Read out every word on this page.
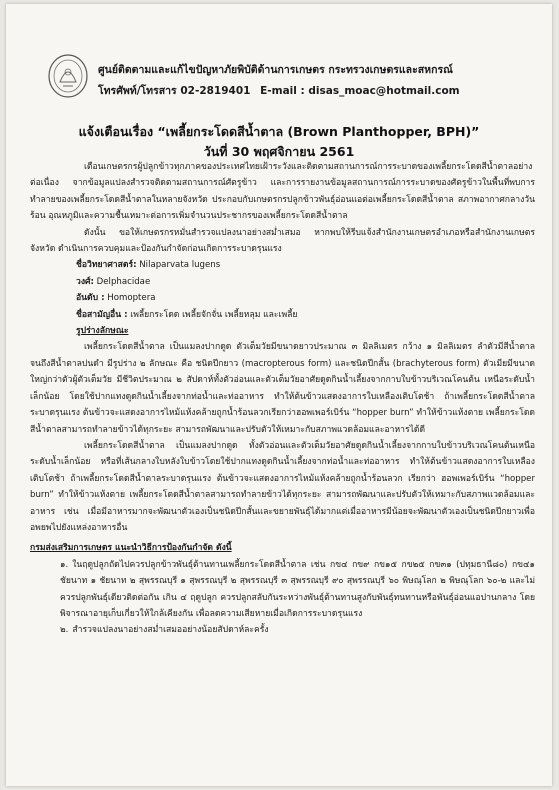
ศูนย์ติดตามและแก้ไขปัญหาภัยพิบัติด้านการเกษตร กระทรวงเกษตรและสหกรณ์
โทรศัพท์/โทรสาร 02-2819401 E-mail : disas_moac@hotmail.com
แจ้งเตือนเรื่อง “เพลี้ยกระโดดสีน้ำตาล (Brown Planthopper, BPH)”
วันที่ 30 พฤศจิกายน 2561

เตือนเกษตรกรผู้ปลูกข้าวทุกภาคของประเทศไทยเฝ้าระวังและติดตามสถานการณ์การระบาดของเพลี้ยกระโดดสีน้ำตาลอย่างต่อเนื่อง จากข้อมูลแปลงสำรวจติดตามสถานการณ์ศัตรูข้าว และการรายงานข้อมูลสถานการณ์การระบาดของศัตรูข้าวในพื้นที่พบการทำลายของเพลี้ยกระโดดสีน้ำตาลในหลายจังหวัด ประกอบกับเกษตรกรปลูกข้าวพันธุ์อ่อนแอต่อเพลี้ยกระโดดสีน้ำตาล สภาพอากาศกลางวันร้อน อุณหภูมิและความชื้นเหมาะต่อการเพิ่มจำนวนประชากรของเพลี้ยกระโดดสีน้ำตาล

ดังนั้น ขอให้เกษตรกรหมั่นสำรวจแปลงนาอย่างสม่ำเสมอ หากพบให้รีบแจ้งสำนักงานเกษตรอำเภอหรือสำนักงานเกษตรจังหวัด ดำเนินการควบคุมและป้องกันกำจัดก่อนเกิดการระบาดรุนแรง

ชื่อวิทยาศาสตร์: Nilaparvata lugens

วงศ์: Delphacidae

อันดับ : Homoptera

ชื่อสามัญอื่น : เพลี้ยกระโดด เพลี้ยจักจั่น เพลี้ยหลุม และเพลี้ย

รูปร่างลักษณะ

เพลี้ยกระโดดสีน้ำตาล เป็นแมลงปากดูด ตัวเต็มวัยมีขนาดยาวประมาณ ๓ มิลลิเมตร กว้าง ๑ มิลลิเมตร ลำตัวมีสีน้ำตาลจนถึงสีน้ำตาลปนดำ มีรูปร่าง ๒ ลักษณะ คือ ชนิดปีกยาว (macropterous form) และชนิดปีกสั้น (brachyterous form) ตัวเมียมีขนาดใหญ่กว่าตัวผู้ตัวเต็มวัย มีชีวิตประมาณ ๒ สัปดาห์ทั้งตัวอ่อนและตัวเต็มวัยอาศัยดูดกินน้ำเลี้ยงจากกาบใบข้าวบริเวณโคนต้น เหนือระดับน้ำเล็กน้อย โดยใช้ปากแทงดูดกินน้ำเลี้ยงจากท่อน้ำและท่ออาหาร ทำให้ต้นข้าวแสดงอาการใบเหลืองเติบโตช้า ถ้าเพลี้ยกระโดดสีน้ำตาลระบาดรุนแรง ต้นข้าวจะแสดงอาการไหม้แห้งคล้ายถูกน้ำร้อนลวกเรียกว่าฮอพเพอร์เบิร์น “hopper burn” ทำให้ข้าวแห้งตาย เพลี้ยกระโดดสีน้ำตาลสามารถทำลายข้าวได้ทุกระยะ สามารถพัฒนาและปรับตัวให้เหมาะกับสภาพแวดล้อมและอาหารได้ดี

เพลี้ยกระโดดสีน้ำตาล เป็นแมลงปากดูด ทั้งตัวอ่อนและตัวเต็มวัยอาศัยดูดกินน้ำเลี้ยงจากกาบใบข้าวบริเวณโคนต้นเหนือระดับน้ำเล็กน้อย หรือที่เส้นกลางใบหลังใบข้าวโดยใช้ปากแทงดูดกินน้ำเลี้ยงจากท่อน้ำและท่ออาหาร ทำให้ต้นข้าวแสดงอาการใบเหลืองเติบโตช้า ถ้าเพลี้ยกระโดดสีน้ำตาลระบาดรุนแรง ต้นข้าวจะแสดงอาการไหม้แห้งคล้ายถูกน้ำร้อนลวก เรียกว่า ฮอพเพอร์เบิร์น “hopper burn” ทำให้ข้าวแห้งตาย เพลี้ยกระโดดสีน้ำตาลสามารถทำลายข้าวได้ทุกระยะ สามารถพัฒนาและปรับตัวให้เหมาะกับสภาพแวดล้อมและอาหาร เช่น เมื่อมีอาหารมากจะพัฒนาตัวเองเป็นชนิดปีกสั้นและขยายพันธุ์ได้มากแต่เมื่ออาหารมีน้อยจะพัฒนาตัวเองเป็นชนิดปีกยาวเพื่ออพยพไปยังแหล่งอาหารอื่น

กรมส่งเสริมการเกษตร แนะนำวิธีการป้องกันกำจัด ดังนี้

๑. ในฤดูปลูกถัดไปควรปลูกข้าวพันธุ์ต้านทานเพลี้ยกระโดดสีน้ำตาล เช่น กข๔ กข๙ กข๑๕ กข๒๕ กข๓๑ (ปทุมธานี๘๐) กข๔๑ ชัยนาท ๑ ชัยนาท ๒ สุพรรณบุรี ๑ สุพรรณบุรี ๒ สุพรรณบุรี ๓ สุพรรณบุรี ๙๐ สุพรรณบุรี ๖๐ พิษณุโลก ๒ พิษณุโลก ๖๐-๒ และไม่ควรปลูกพันธุ์เดียวติดต่อกัน เกิน ๔ ฤดูปลูก ควรปลูกสลับกันระหว่างพันธุ์ต้านทานสูงกับพันธุ์ทนทานหรือพันธุ์อ่อนแอปานกลาง โดยพิจารณาอายุเก็บเกี่ยวให้ใกล้เคียงกัน เพื่อลดความเสียหายเมื่อเกิดการระบาดรุนแรง

๒. สำรวจแปลงนาอย่างสม่ำเสมออย่างน้อยสัปดาห์ละครั้ง
